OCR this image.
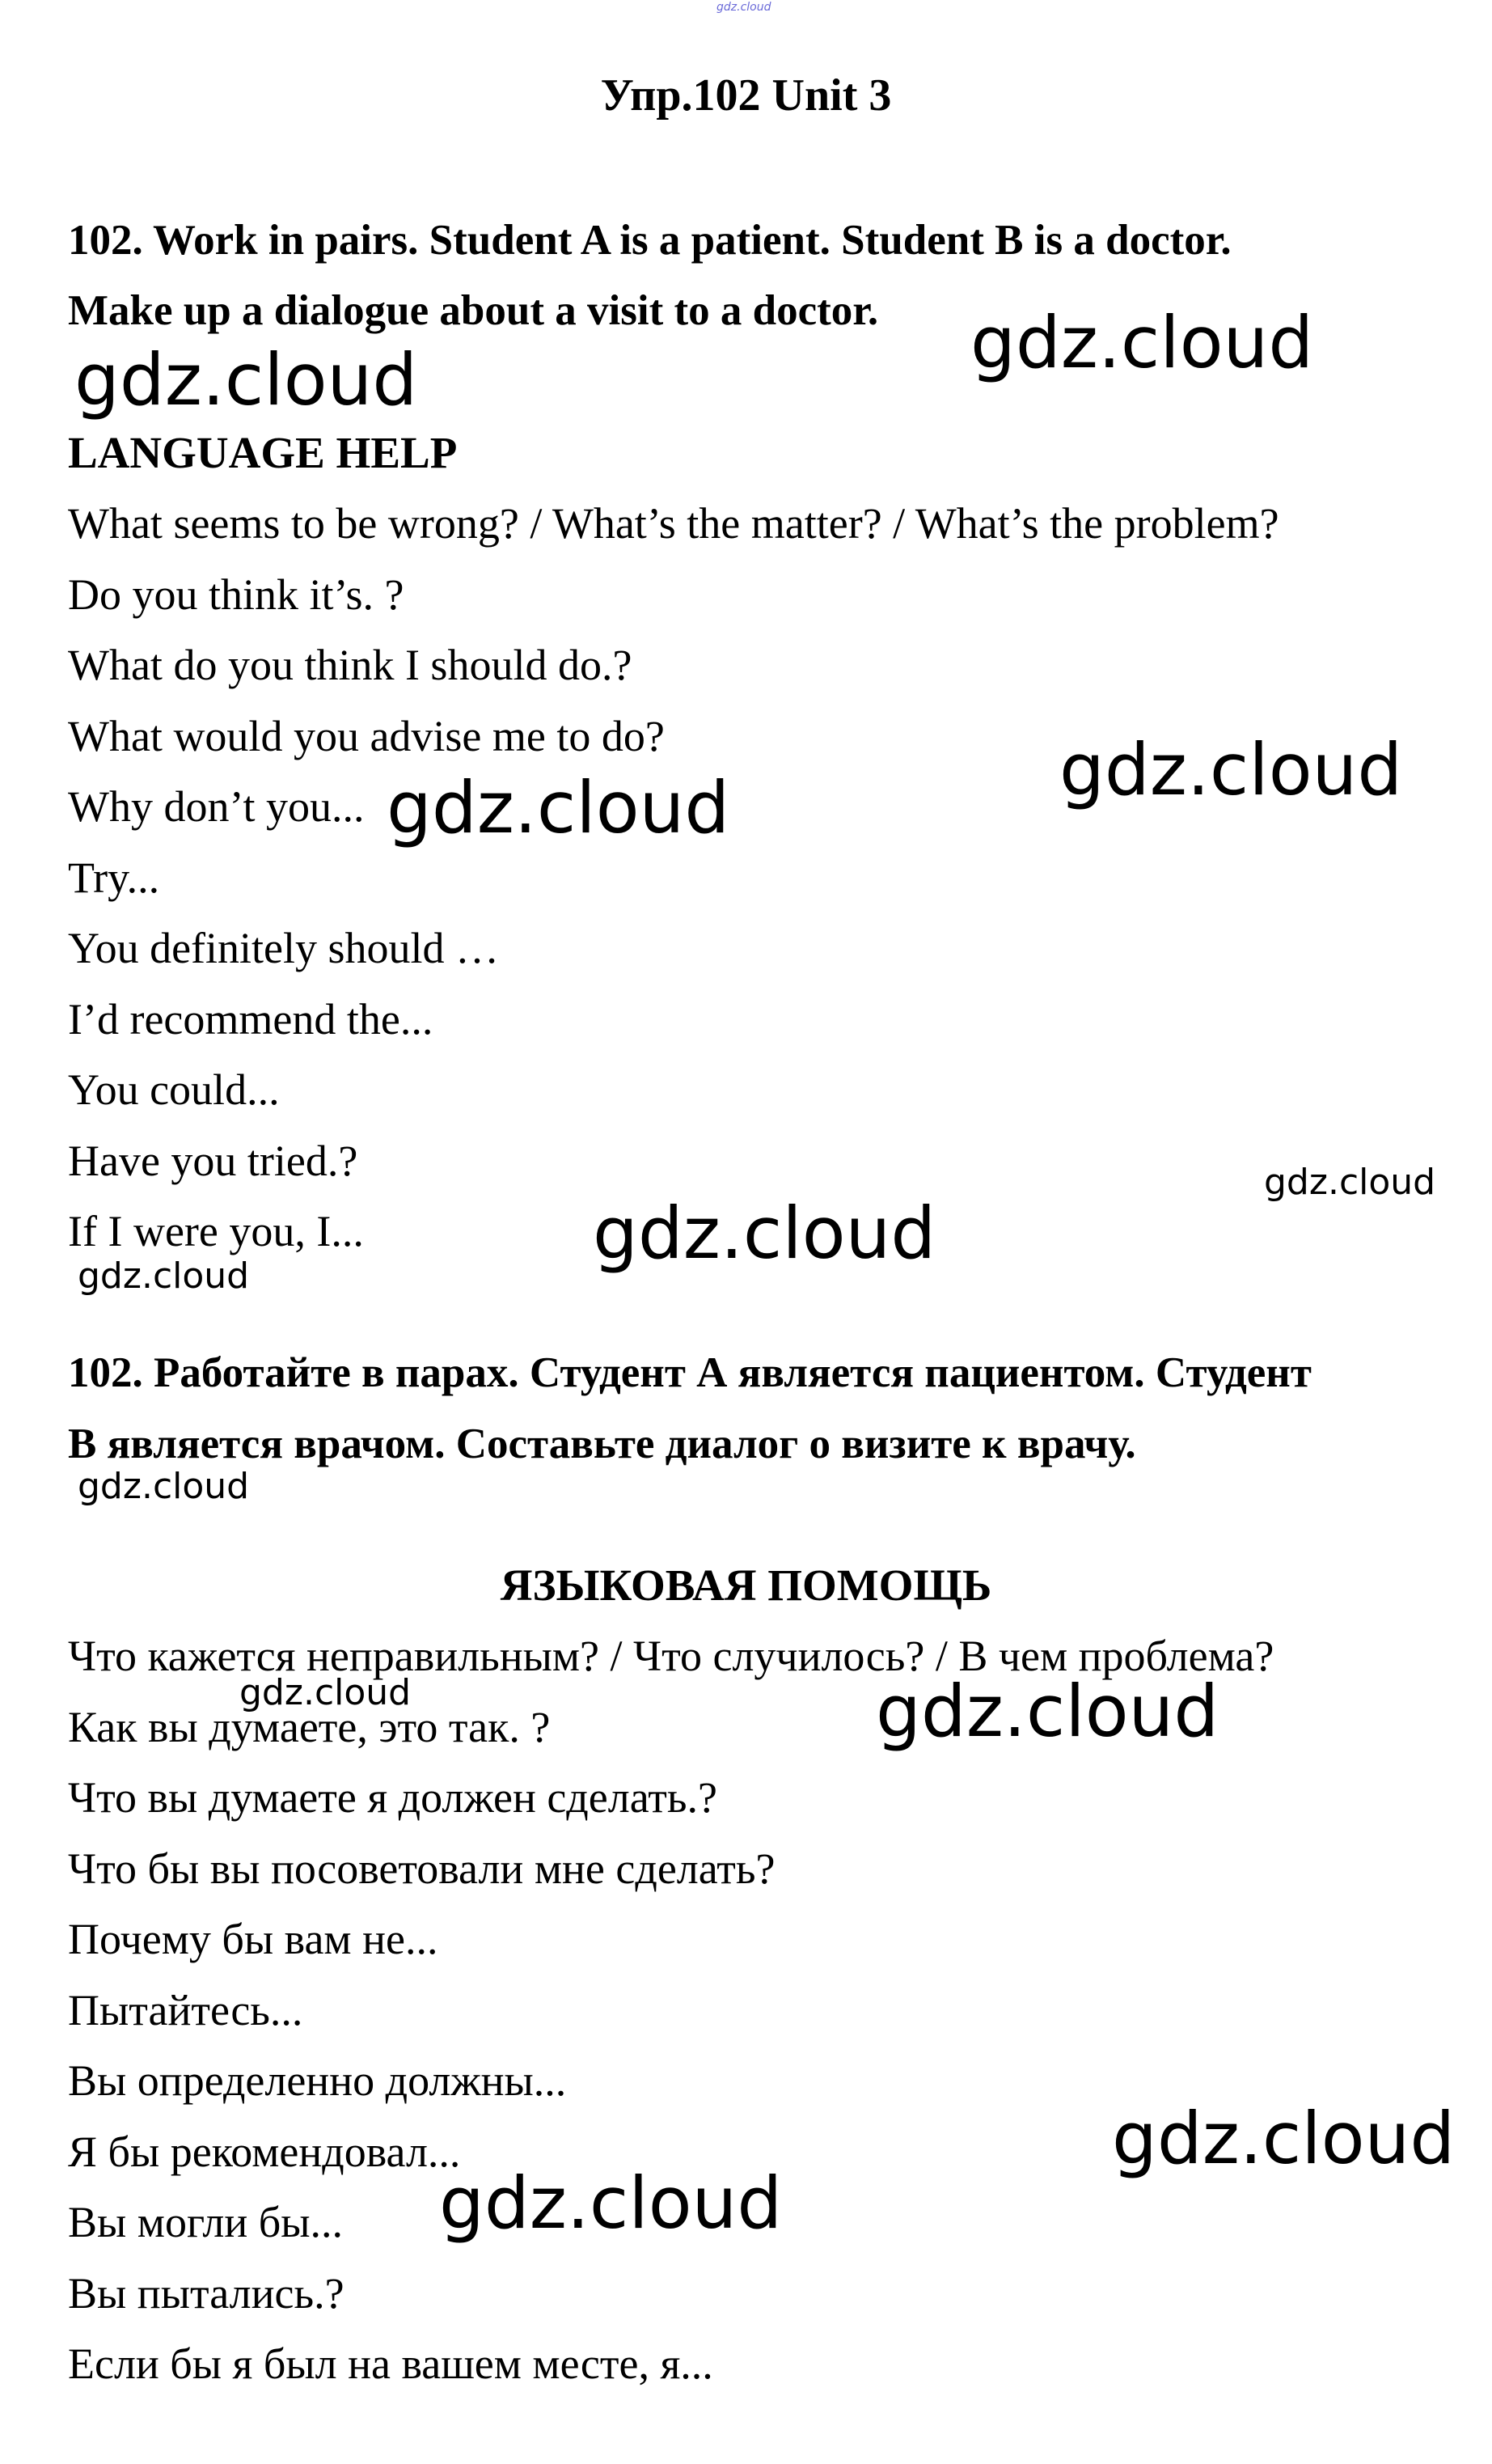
gdz.cloud
Упр.102 Unit 3
102. Work in pairs. Student A is a patient. Student B is a doctor.
Make up a dialogue about a visit to a doctor.
LANGUAGE HELP
What seems to be wrong? / What’s the matter? / What’s the problem?
Do you think it’s. ?
What do you think I should do.?
What would you advise me to do?
Why don’t you...
Try...
You definitely should …
I’d recommend the...
You could...
Have you tried.?
If I were you, I...
102. Работайте в парах. Студент А является пациентом. Студент
В является врачом. Составьте диалог о визите к врачу.
ЯЗЫКОВАЯ ПОМОЩЬ
Что кажется неправильным? / Что случилось? / В чем проблема?
Как вы думаете, это так. ?
Что вы думаете я должен сделать.?
Что бы вы посоветовали мне сделать?
Почему бы вам не...
Пытайтесь...
Вы определенно должны...
Я бы рекомендовал...
Вы могли бы...
Вы пытались.?
Если бы я был на вашем месте, я...
gdz.cloud
gdz.cloud
gdz.cloud
gdz.cloud
gdz.cloud
gdz.cloud
gdz.cloud
gdz.cloud
gdz.cloud	gdz.cloud
gdz.cloud
gdz.cloud
